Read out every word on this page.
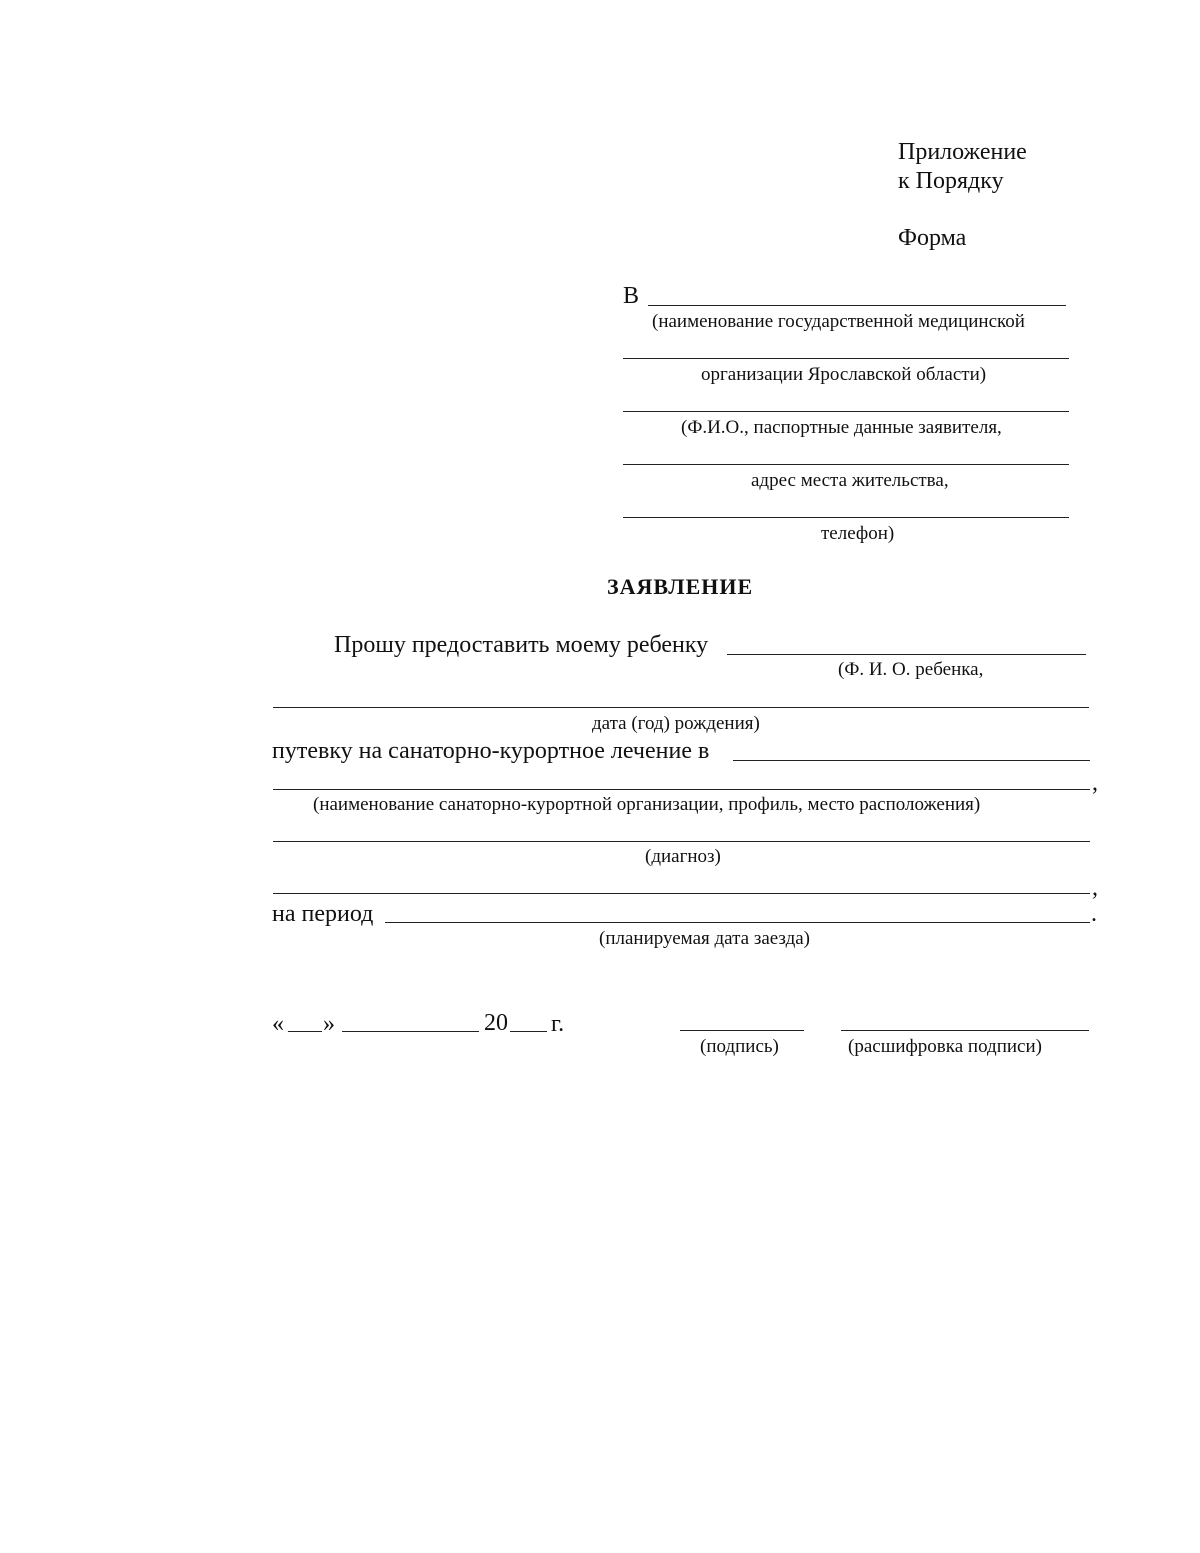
Приложение
к Порядку
Форма
В
(наименование государственной медицинской
организации Ярославской области)
(Ф.И.О., паспортные данные заявителя,
адрес места жительства,
телефон)
ЗАЯВЛЕНИЕ
Прошу предоставить моему ребенку
(Ф. И. О. ребенка,
дата (год) рождения)
путевку на санаторно-курортное лечение в
,
(наименование санаторно-курортной организации, профиль, место расположения)
(диагноз)
,
на период	.
(планируемая дата заезда)
« »	20 г.
(подпись)	(расшифровка подписи)
